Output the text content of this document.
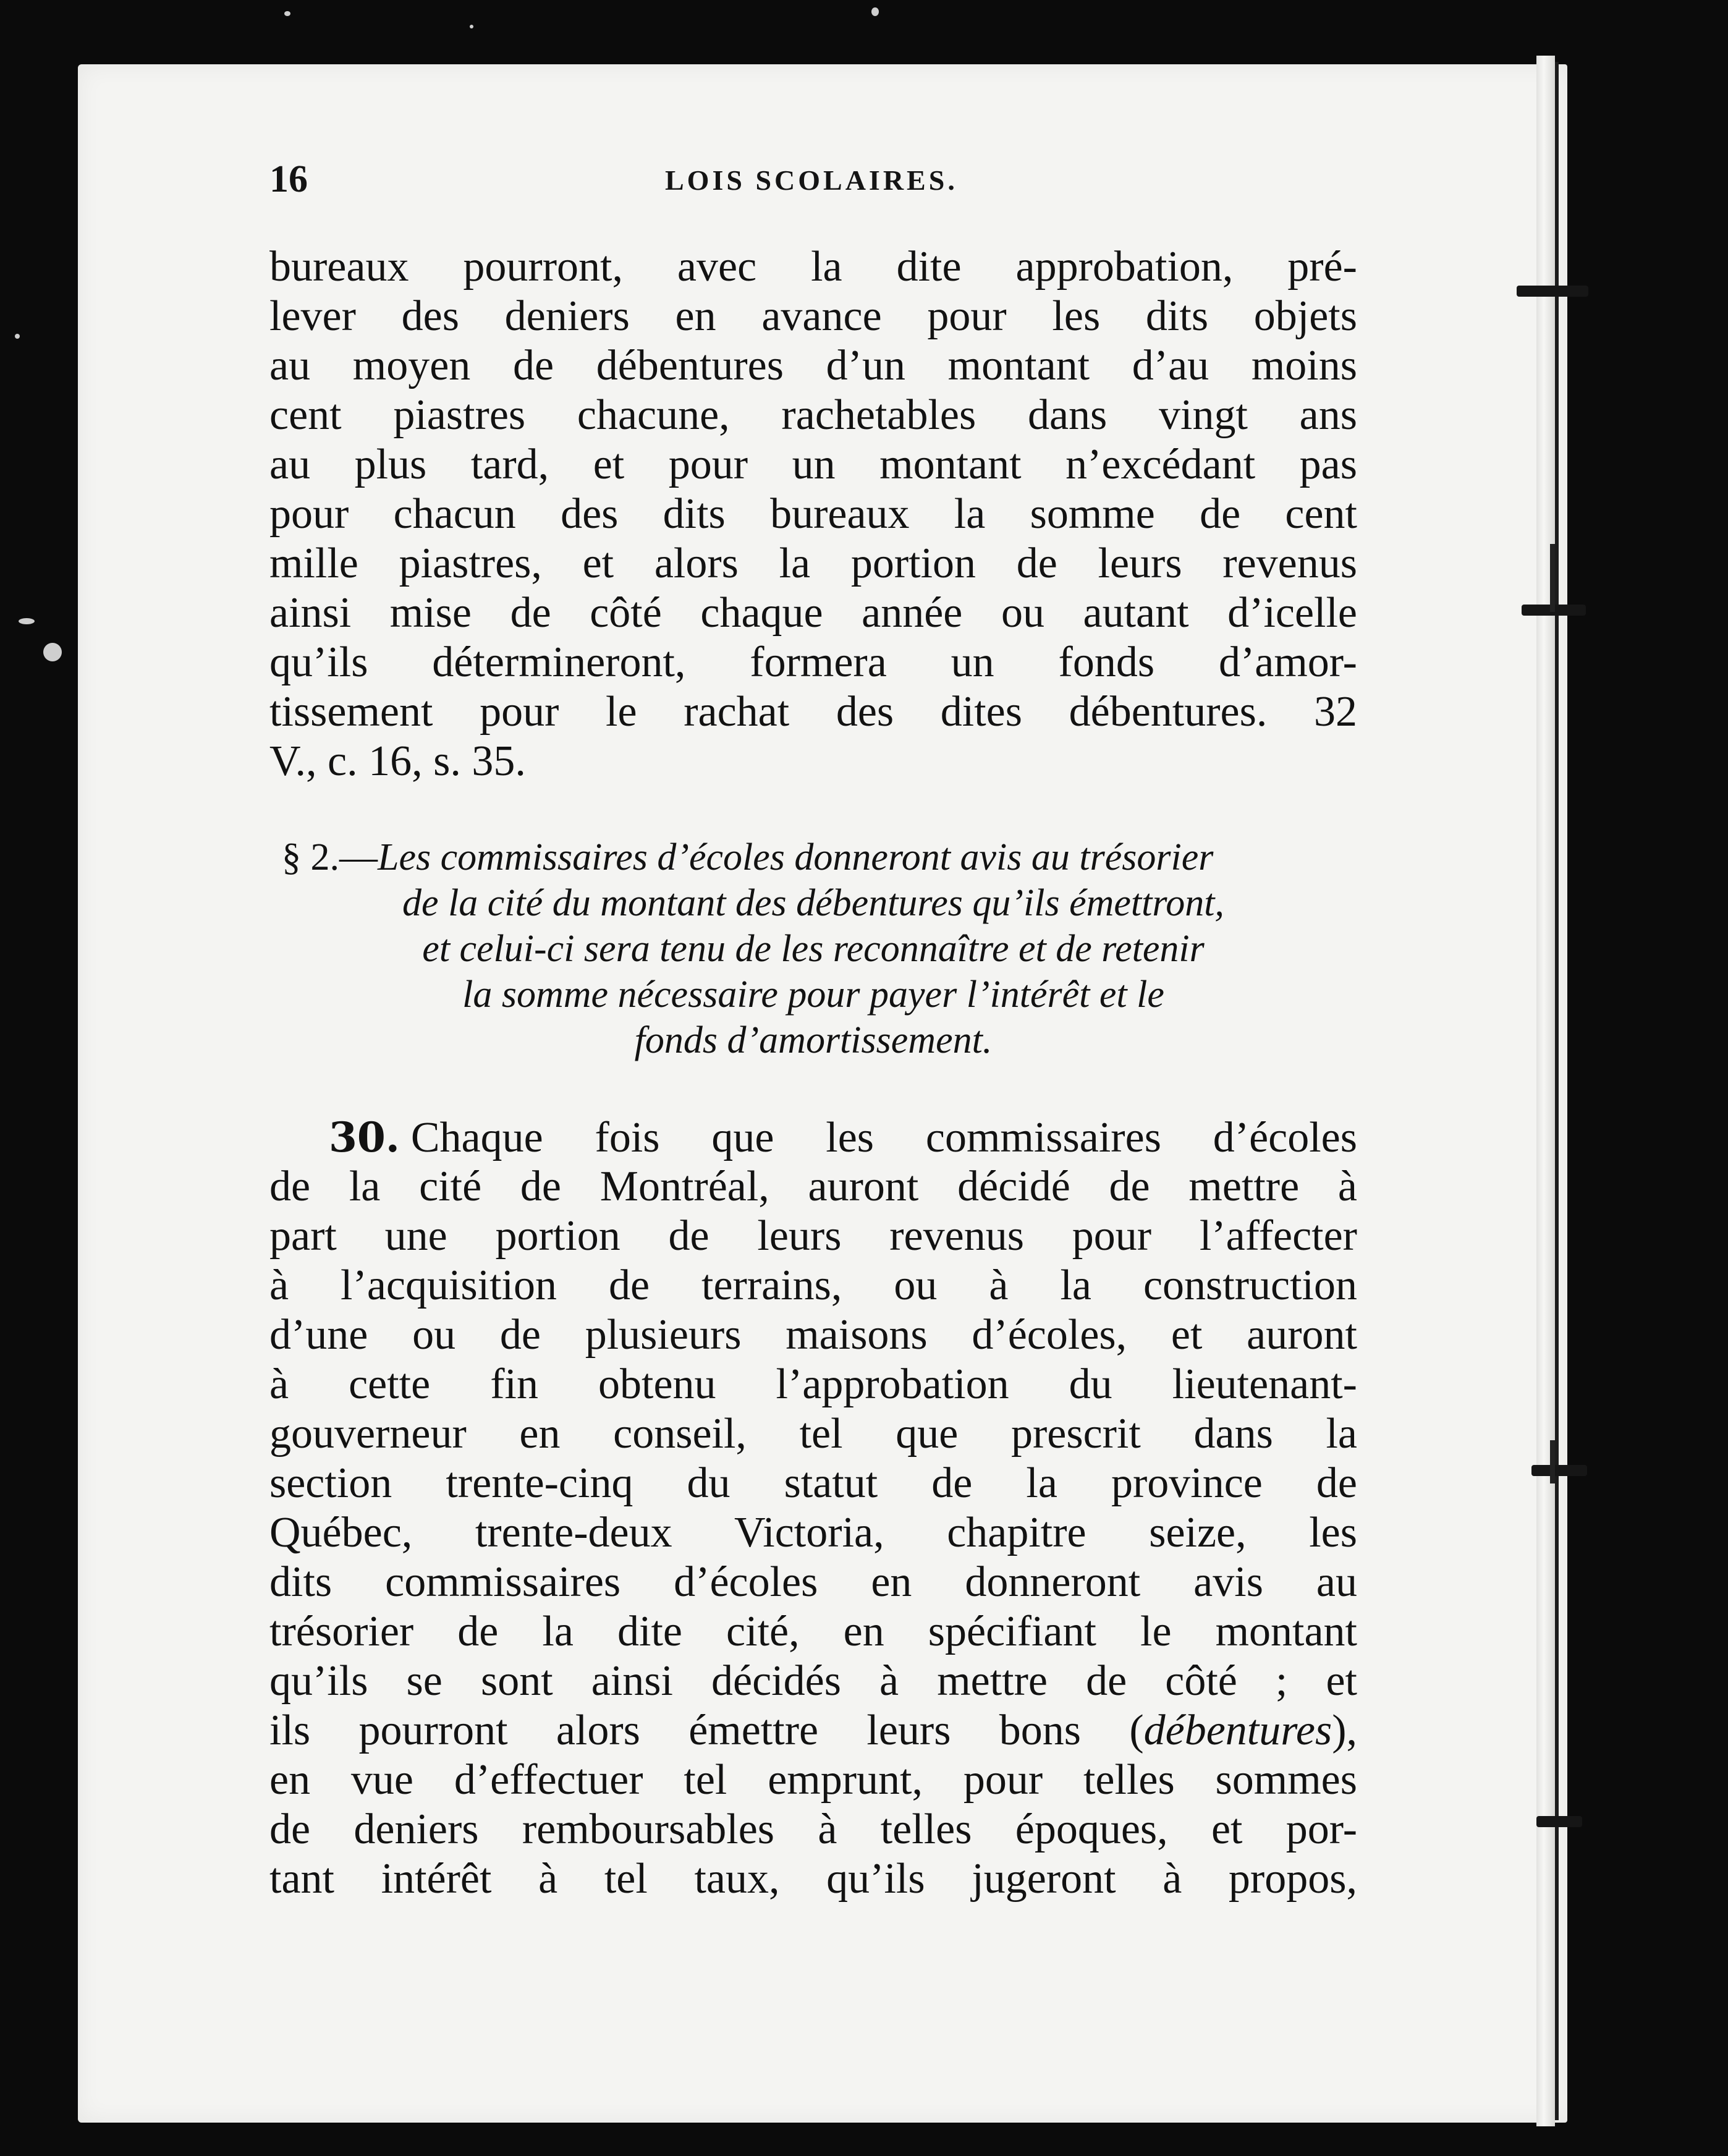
16	LOIS SCOLAIRES.
bureaux pourront, avec la dite approbation, pré-
lever des deniers en avance pour les dits objets
au moyen de débentures d’un montant d’au moins
cent piastres chacune, rachetables dans vingt ans
au plus tard, et pour un montant n’excédant pas
pour chacun des dits bureaux la somme de cent
mille piastres, et alors la portion de leurs revenus
ainsi mise de côté chaque année ou autant d’icelle
qu’ils détermineront, formera un fonds d’amor-
tissement pour le rachat des dites débentures. 32
V., c. 16, s. 35.
§ 2.—Les commissaires d’écoles donneront avis au trésorier
de la cité du montant des débentures qu’ils émettront,
et celui-ci sera tenu de les reconnaître et de retenir
la somme nécessaire pour payer l’intérêt et le
fonds d’amortissement.
30. Chaque fois que les commissaires d’écoles
de la cité de Montréal, auront décidé de mettre à
part une portion de leurs revenus pour l’affecter
à l’acquisition de terrains, ou à la construction
d’une ou de plusieurs maisons d’écoles, et auront
à cette fin obtenu l’approbation du lieutenant-
gouverneur en conseil, tel que prescrit dans la
section trente-cinq du statut de la province de
Québec, trente-deux Victoria, chapitre seize, les
dits commissaires d’écoles en donneront avis au
trésorier de la dite cité, en spécifiant le montant
qu’ils se sont ainsi décidés à mettre de côté ; et
ils pourront alors émettre leurs bons (débentures),
en vue d’effectuer tel emprunt, pour telles sommes
de deniers remboursables à telles époques, et por-
tant intérêt à tel taux, qu’ils jugeront à propos,
